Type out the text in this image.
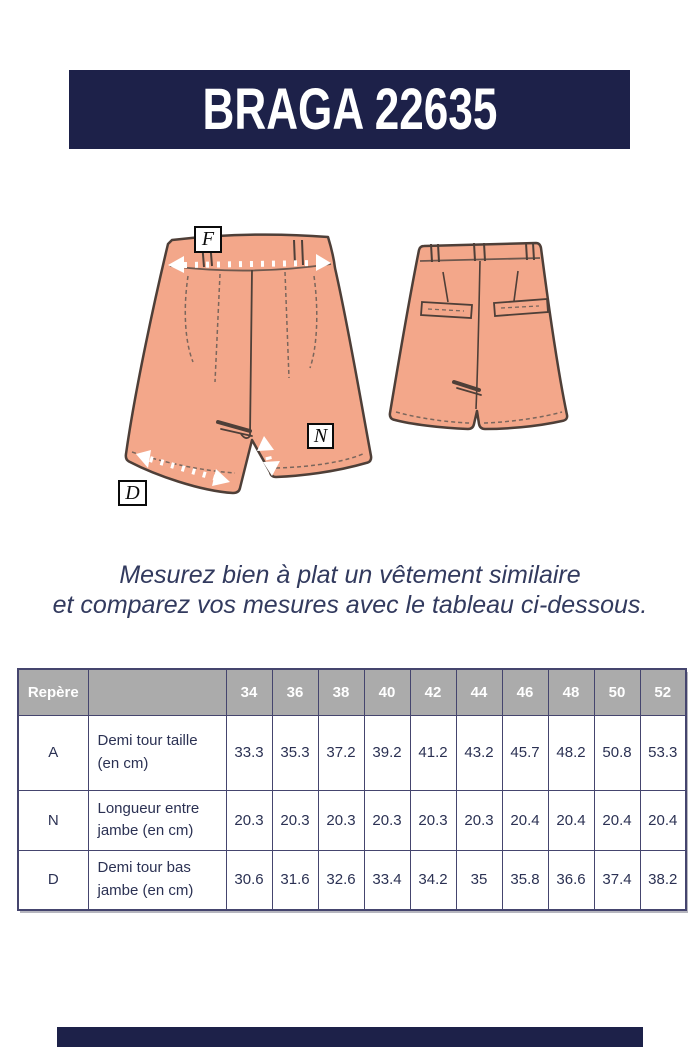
BRAGA 22635
F
N
D
Mesurez bien à plat un vêtement similaire
et comparez vos mesures avec le tableau ci-dessous.
Repère		34	36	38	40	42	44	46	48	50	52
A	Demi tour taille (en cm)	33.3	35.3	37.2	39.2	41.2	43.2	45.7	48.2	50.8	53.3
N	Longueur entre jambe (en cm)	20.3	20.3	20.3	20.3	20.3	20.3	20.4	20.4	20.4	20.4
D	Demi tour bas jambe (en cm)	30.6	31.6	32.6	33.4	34.2	35	35.8	36.6	37.4	38.2
